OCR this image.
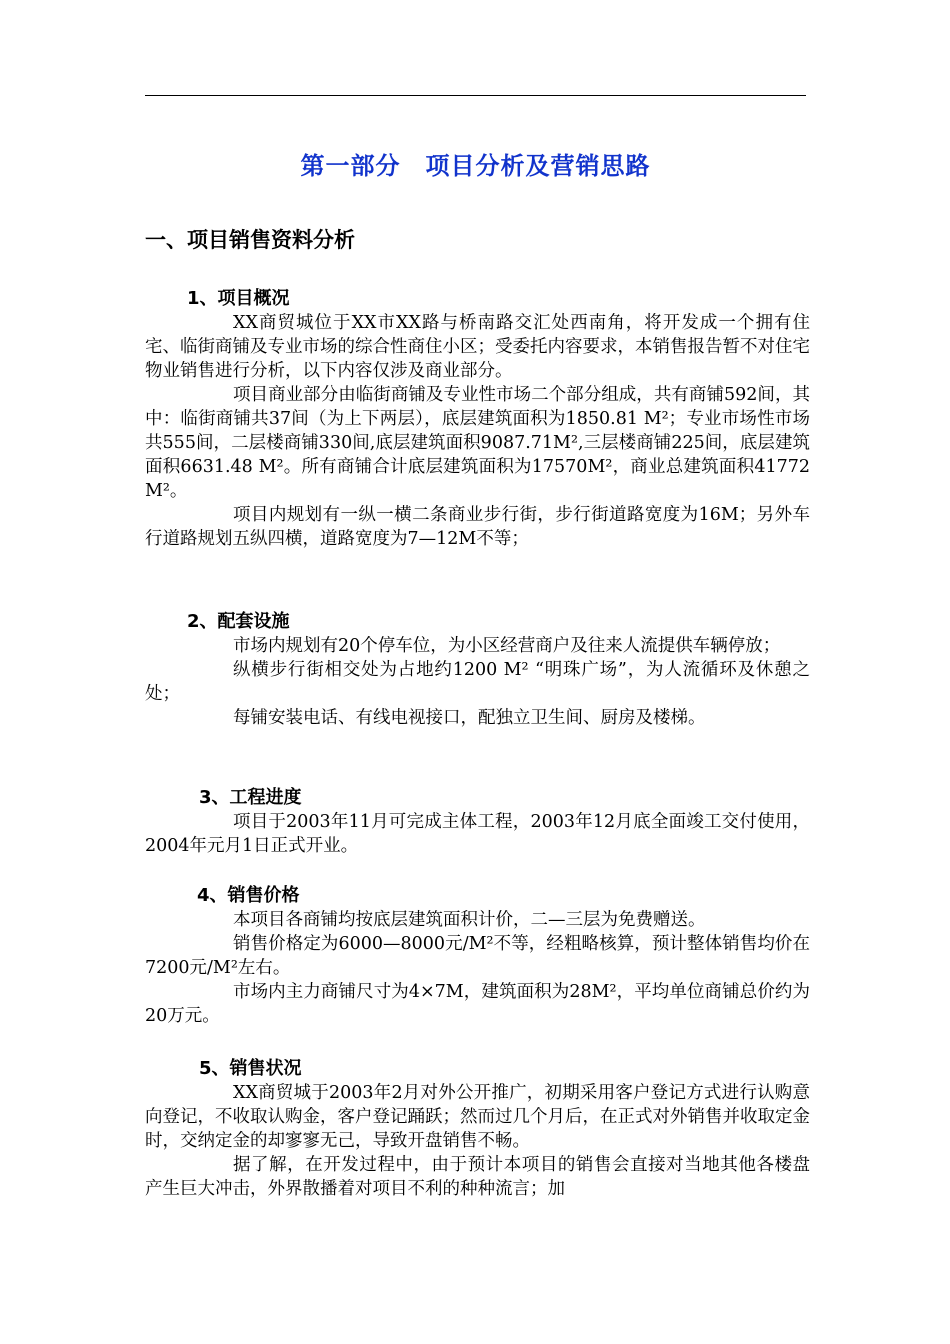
第一部分　项目分析及营销思路
一、项目销售资料分析
1、项目概况
XX商贸城位于XX市XX路与桥南路交汇处西南角，将开发成一个拥有住宅、临街商铺及专业市场的综合性商住小区；受委托内容要求，本销售报告暂不对住宅物业销售进行分析，以下内容仅涉及商业部分。
项目商业部分由临街商铺及专业性市场二个部分组成，共有商铺592间，其中：临街商铺共37间（为上下两层），底层建筑面积为1850.81 M²；专业市场性市场共555间，二层楼商铺330间,底层建筑面积9087.71M²,三层楼商铺225间，底层建筑面积6631.48 M²。所有商铺合计底层建筑面积为17570M²，商业总建筑面积41772 M²。
项目内规划有一纵一横二条商业步行街，步行街道路宽度为16M；另外车行道路规划五纵四横，道路宽度为7—12M不等；
2、配套设施
市场内规划有20个停车位，为小区经营商户及往来人流提供车辆停放；
纵横步行街相交处为占地约1200 M² “明珠广场”，为人流循环及休憩之处；
每铺安装电话、有线电视接口，配独立卫生间、厨房及楼梯。
3、工程进度
项目于2003年11月可完成主体工程，2003年12月底全面竣工交付使用，2004年元月1日正式开业。
4、销售价格
本项目各商铺均按底层建筑面积计价，二—三层为免费赠送。
销售价格定为6000—8000元/M²不等，经粗略核算，预计整体销售均价在7200元/M²左右。
市场内主力商铺尺寸为4×7M，建筑面积为28M²，平均单位商铺总价约为20万元。
5、销售状况
XX商贸城于2003年2月对外公开推广，初期采用客户登记方式进行认购意向登记，不收取认购金，客户登记踊跃；然而过几个月后，在正式对外销售并收取定金时，交纳定金的却寥寥无己，导致开盘销售不畅。
据了解，在开发过程中，由于预计本项目的销售会直接对当地其他各楼盘产生巨大冲击，外界散播着对项目不利的种种流言；加
